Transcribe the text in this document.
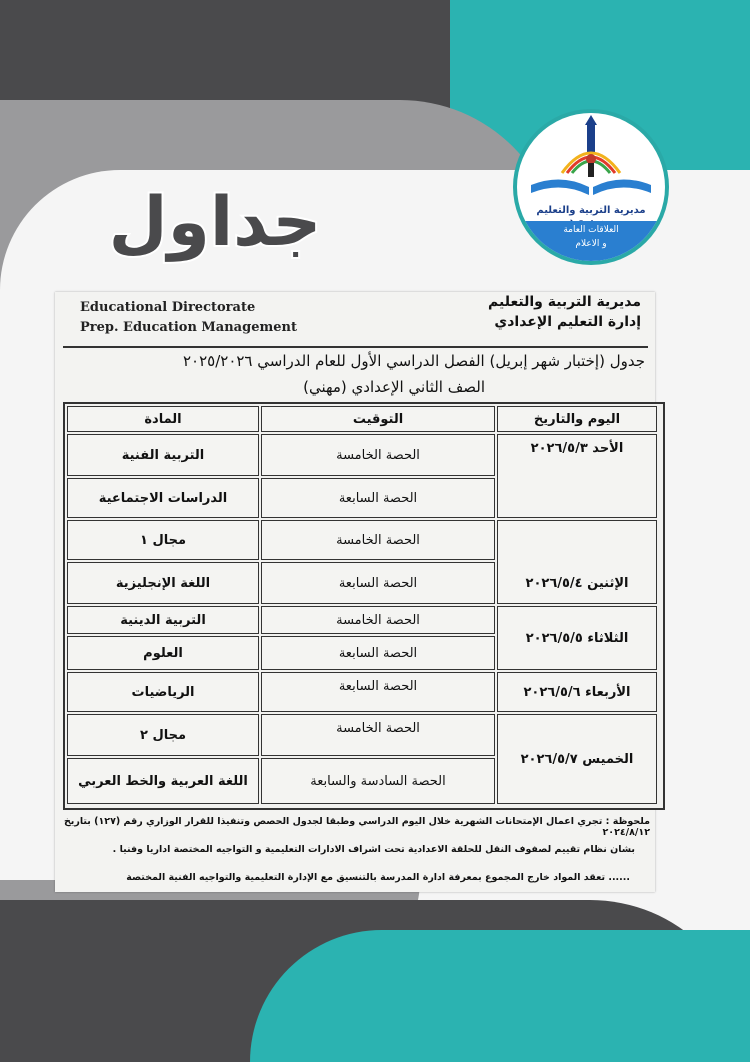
مديرية التربية والتعليم
العلاقات العامة
و الاعلام
جداول
Educational Directorate
Prep. Education Management
مديرية التربية والتعليم
إدارة التعليم الإعدادي
جدول (إختبار شهر إبريل) الفصل الدراسي الأول للعام الدراسي ٢٠٢٥/٢٠٢٦
الصف الثاني الإعدادي (مهني)
اليوم والتاريخ
التوقيت
المادة
الأحد ٢٠٢٦/٥/٣
الحصة الخامسة
التربية الفنية
الحصة السابعة
الدراسات الاجتماعية
الإثنين ٢٠٢٦/٥/٤
الحصة الخامسة
مجال ١
الحصة السابعة
اللغة الإنجليزية
الثلاثاء ٢٠٢٦/٥/٥
الحصة الخامسة
التربية الدينية
الحصة السابعة
العلوم
الأربعاء ٢٠٢٦/٥/٦
الحصة السابعة
الرياضيات
الخميس ٢٠٢٦/٥/٧
الحصة الخامسة
مجال ٢
الحصة السادسة والسابعة
اللغة العربية والخط العربي
ملحوظة : تجري اعمال الإمتحانات الشهرية خلال اليوم الدراسي وطبقا لجدول الحصص وتنفيذا للقرار الوزاري رقم (١٢٧) بتاريخ ٢٠٢٤/٨/١٢
بشان نظام تقييم لصفوف النقل للحلقة الاعدادية تحت اشراف الادارات التعليمية و التواجيه المختصة اداريا وفنيا .
...... تعقد المواد خارج المجموع بمعرفة ادارة المدرسة بالتنسيق مع الإدارة التعليمية والتواجيه الفنية المختصة
